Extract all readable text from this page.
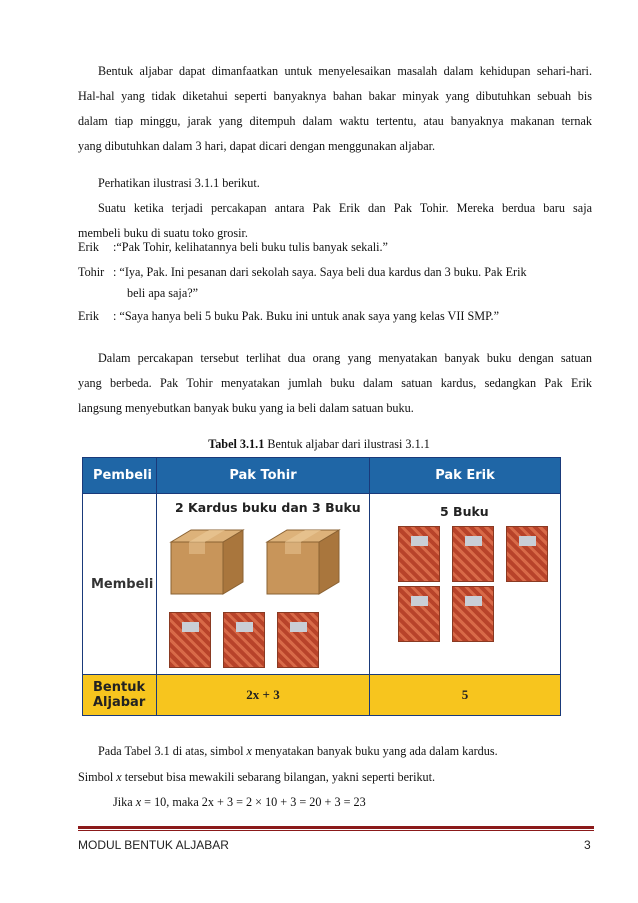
Bentuk aljabar dapat dimanfaatkan untuk menyelesaikan masalah dalam kehidupan sehari-hari.

Hal-hal yang tidak diketahui seperti banyaknya bahan bakar minyak yang dibutuhkan sebuah bis

dalam tiap minggu, jarak yang ditempuh dalam waktu tertentu, atau banyaknya makanan ternak

yang dibutuhkan dalam 3 hari, dapat dicari dengan menggunakan aljabar.

Perhatikan ilustrasi 3.1.1 berikut.

Suatu ketika terjadi percakapan antara Pak Erik dan Pak Tohir. Mereka berdua baru saja

membeli buku di suatu toko grosir.

Erik :“Pak Tohir, kelihatannya beli buku tulis banyak sekali.”
Tohir : “Iya, Pak. Ini pesanan dari sekolah saya. Saya beli dua kardus dan 3 buku. Pak Erik
beli apa saja?”
Erik : “Saya hanya beli 5 buku Pak. Buku ini untuk anak saya yang kelas VII SMP.”

Dalam percakapan tersebut terlihat dua orang yang menyatakan banyak buku dengan satuan

yang berbeda. Pak Tohir menyatakan jumlah buku dalam satuan kardus, sedangkan Pak Erik

langsung menyebutkan banyak buku yang ia beli dalam satuan buku.

Tabel 3.1.1 Bentuk aljabar dari ilustrasi 3.1.1
Pembeli	Pak Tohir	Pak Erik
Membeli	2 Kardus buku dan 3 Buku	5 Buku

Bentuk
Aljabar	2x + 3	5
Pada Tabel 3.1 di atas, simbol x menyatakan banyak buku yang ada dalam kardus.
Simbol x tersebut bisa mewakili sebarang bilangan, yakni seperti berikut.
Jika x = 10, maka 2x + 3 = 2 × 10 + 3 = 20 + 3 = 23
MODUL BENTUK ALJABAR	3
